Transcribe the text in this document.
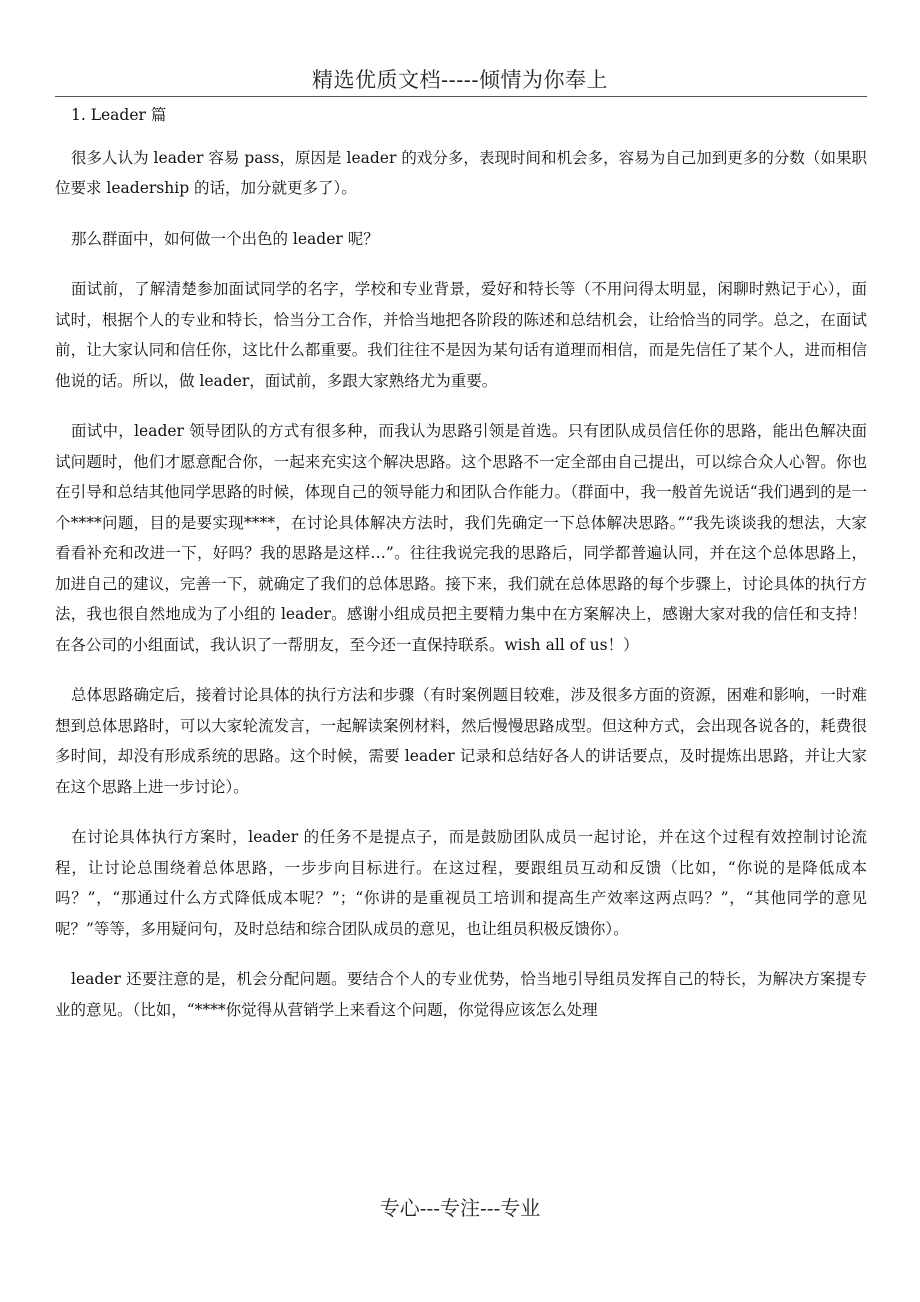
精选优质文档-----倾情为你奉上

1. Leader 篇

很多人认为 leader 容易 pass，原因是 leader 的戏分多，表现时间和机会多，容易为自己加到更多的分数（如果职位要求 leadership 的话，加分就更多了）。

那么群面中，如何做一个出色的 leader 呢？

面试前，了解清楚参加面试同学的名字，学校和专业背景，爱好和特长等（不用问得太明显，闲聊时熟记于心），面试时，根据个人的专业和特长，恰当分工合作，并恰当地把各阶段的陈述和总结机会，让给恰当的同学。总之，在面试前，让大家认同和信任你，这比什么都重要。我们往往不是因为某句话有道理而相信，而是先信任了某个人，进而相信他说的话。所以，做 leader，面试前，多跟大家熟络尤为重要。

面试中，leader 领导团队的方式有很多种，而我认为思路引领是首选。只有团队成员信任你的思路，能出色解决面试问题时，他们才愿意配合你，一起来充实这个解决思路。这个思路不一定全部由自己提出，可以综合众人心智。你也在引导和总结其他同学思路的时候，体现自己的领导能力和团队合作能力。（群面中，我一般首先说话“我们遇到的是一个****问题，目的是要实现****，在讨论具体解决方法时，我们先确定一下总体解决思路。”“我先谈谈我的想法，大家看看补充和改进一下，好吗？我的思路是这样…”。往往我说完我的思路后，同学都普遍认同，并在这个总体思路上，加进自己的建议，完善一下，就确定了我们的总体思路。接下来，我们就在总体思路的每个步骤上，讨论具体的执行方法，我也很自然地成为了小组的 leader。感谢小组成员把主要精力集中在方案解决上，感谢大家对我的信任和支持！在各公司的小组面试，我认识了一帮朋友，至今还一直保持联系。wish all of us！）

总体思路确定后，接着讨论具体的执行方法和步骤（有时案例题目较难，涉及很多方面的资源，困难和影响，一时难想到总体思路时，可以大家轮流发言，一起解读案例材料，然后慢慢思路成型。但这种方式，会出现各说各的，耗费很多时间，却没有形成系统的思路。这个时候，需要 leader 记录和总结好各人的讲话要点，及时提炼出思路，并让大家在这个思路上进一步讨论）。

在讨论具体执行方案时，leader 的任务不是提点子，而是鼓励团队成员一起讨论，并在这个过程有效控制讨论流程，让讨论总围绕着总体思路，一步步向目标进行。在这过程，要跟组员互动和反馈（比如，“你说的是降低成本吗？”，“那通过什么方式降低成本呢？”；“你讲的是重视员工培训和提高生产效率这两点吗？”，“其他同学的意见呢？”等等，多用疑问句，及时总结和综合团队成员的意见，也让组员积极反馈你）。

leader 还要注意的是，机会分配问题。要结合个人的专业优势，恰当地引导组员发挥自己的特长，为解决方案提专业的意见。（比如，“****你觉得从营销学上来看这个问题，你觉得应该怎么处理

专心---专注---专业
